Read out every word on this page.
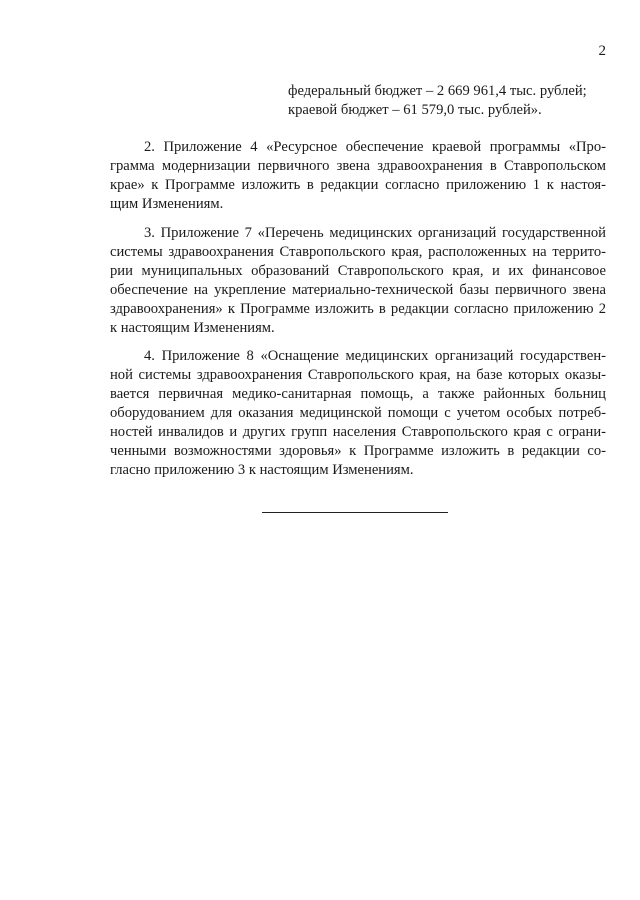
2
федеральный бюджет – 2 669 961,4 тыс. рублей;
краевой бюджет – 61 579,0 тыс. рублей».
2. Приложение 4 «Ресурсное обеспечение краевой программы «Про-
грамма модернизации первичного звена здравоохранения в Ставропольском
крае» к Программе изложить в редакции согласно приложению 1 к настоя-
щим Изменениям.
3. Приложение 7 «Перечень медицинских организаций государственной
системы здравоохранения Ставропольского края, расположенных на террито-
рии муниципальных образований Ставропольского края, и их финансовое
обеспечение на укрепление материально-технической базы первичного звена
здравоохранения» к Программе изложить в редакции согласно приложению 2
к настоящим Изменениям.
4. Приложение 8 «Оснащение медицинских организаций государствен-
ной системы здравоохранения Ставропольского края, на базе которых оказы-
вается первичная медико-санитарная помощь, а также районных больниц
оборудованием для оказания медицинской помощи с учетом особых потреб-
ностей инвалидов и других групп населения Ставропольского края с ограни-
ченными возможностями здоровья» к Программе изложить в редакции со-
гласно приложению 3 к настоящим Изменениям.
